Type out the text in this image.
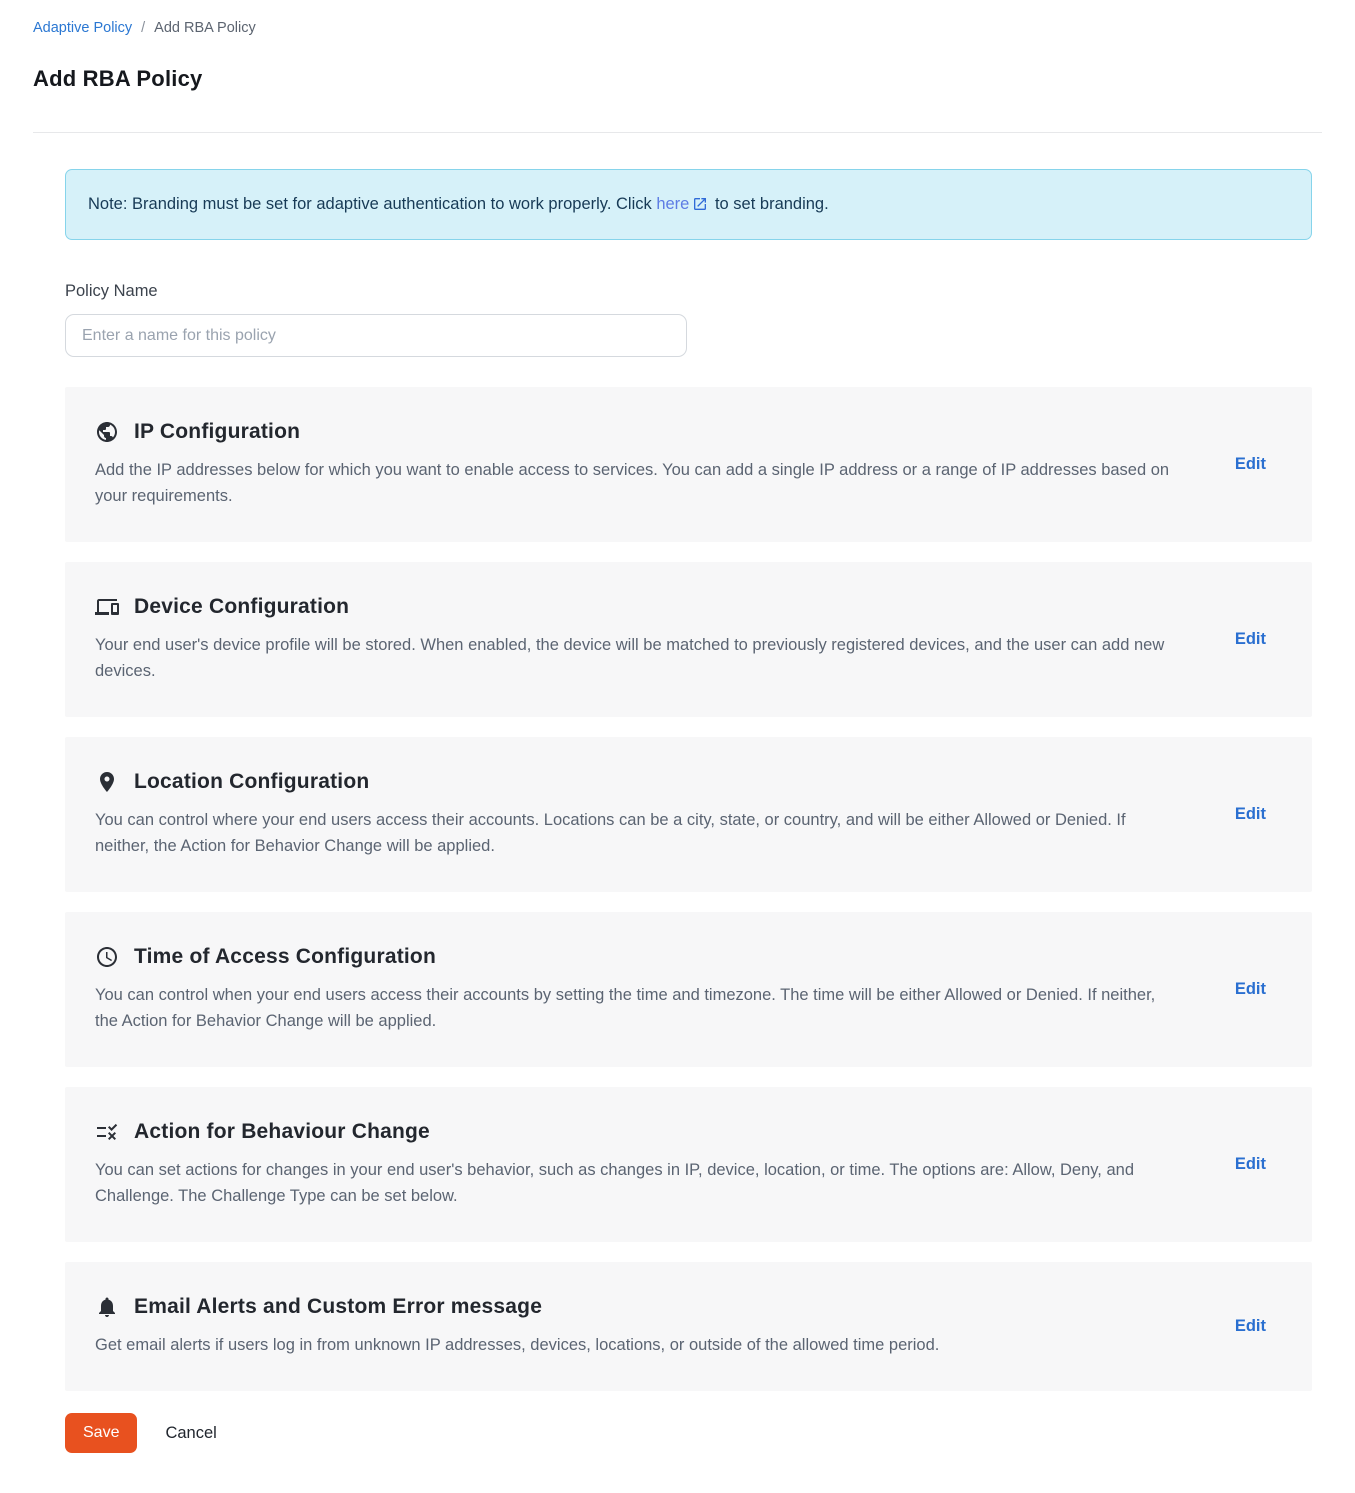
Adaptive Policy / Add RBA Policy
Add RBA Policy
Note: Branding must be set for adaptive authentication to work properly. Click here to set branding.
Policy Name
Enter a name for this policy
IP Configuration

Add the IP addresses below for which you want to enable access to services. You can add a single IP address or a range of IP addresses based on your requirements.

Edit
Device Configuration

Your end user's device profile will be stored. When enabled, the device will be matched to previously registered devices, and the user can add new devices.

Edit
Location Configuration

You can control where your end users access their accounts. Locations can be a city, state, or country, and will be either Allowed or Denied. If neither, the Action for Behavior Change will be applied.

Edit
Time of Access Configuration

You can control when your end users access their accounts by setting the time and timezone. The time will be either Allowed or Denied. If neither, the Action for Behavior Change will be applied.

Edit
Action for Behaviour Change

You can set actions for changes in your end user's behavior, such as changes in IP, device, location, or time. The options are: Allow, Deny, and Challenge. The Challenge Type can be set below.

Edit
Email Alerts and Custom Error message

Get email alerts if users log in from unknown IP addresses, devices, locations, or outside of the allowed time period.

Edit
Save	Cancel
